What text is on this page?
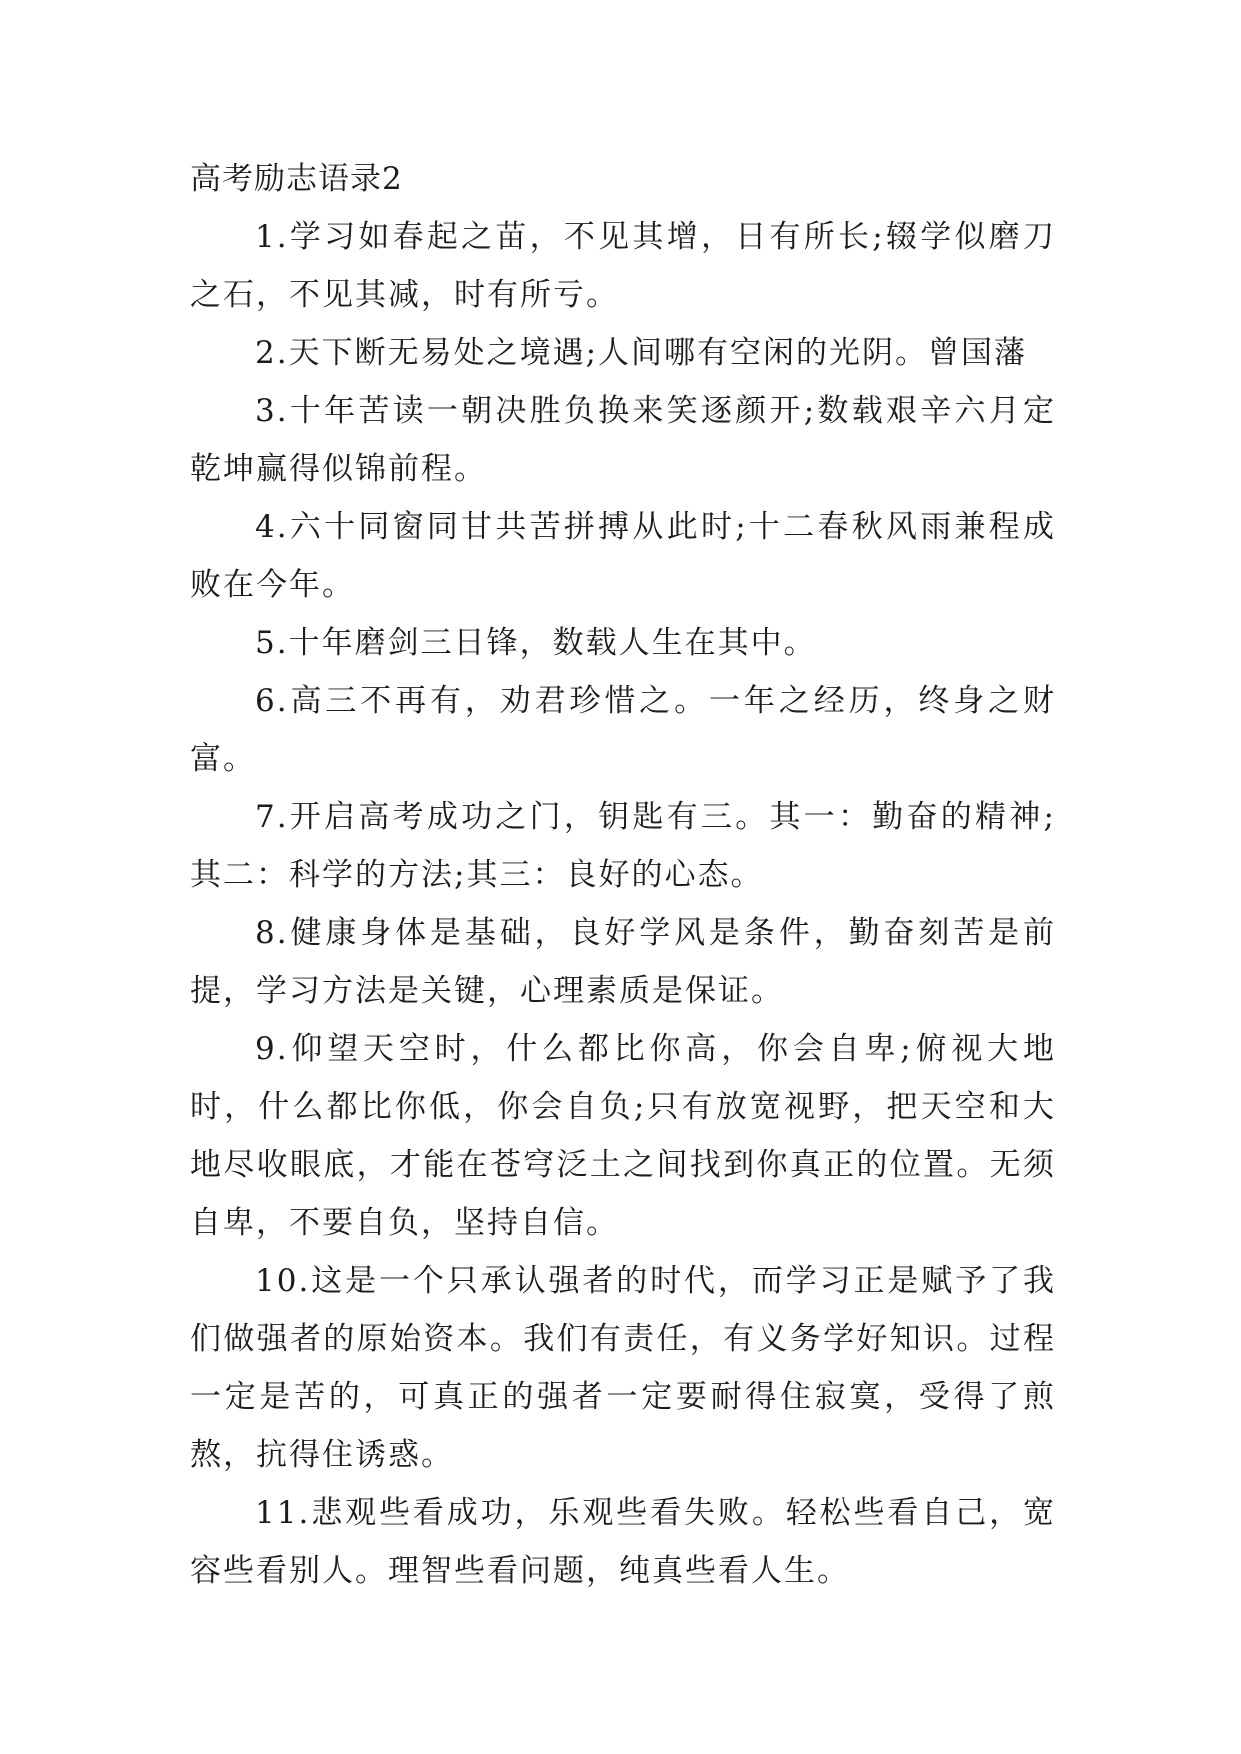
高考励志语录2

1.学习如春起之苗，不见其增，日有所长;辍学似磨刀之石，不见其减，时有所亏。

2.天下断无易处之境遇;人间哪有空闲的光阴。曾国藩

3.十年苦读一朝决胜负换来笑逐颜开;数载艰辛六月定乾坤赢得似锦前程。

4.六十同窗同甘共苦拼搏从此时;十二春秋风雨兼程成败在今年。

5.十年磨剑三日锋，数载人生在其中。

6.高三不再有，劝君珍惜之。一年之经历，终身之财富。

7.开启高考成功之门，钥匙有三。其一：勤奋的精神;其二：科学的方法;其三：良好的心态。

8.健康身体是基础，良好学风是条件，勤奋刻苦是前提，学习方法是关键，心理素质是保证。

9.仰望天空时，什么都比你高，你会自卑;俯视大地时，什么都比你低，你会自负;只有放宽视野，把天空和大地尽收眼底，才能在苍穹泛土之间找到你真正的位置。无须自卑，不要自负，坚持自信。

10.这是一个只承认强者的时代，而学习正是赋予了我们做强者的原始资本。我们有责任，有义务学好知识。过程一定是苦的，可真正的强者一定要耐得住寂寞，受得了煎熬，抗得住诱惑。

11.悲观些看成功，乐观些看失败。轻松些看自己，宽容些看别人。理智些看问题，纯真些看人生。
